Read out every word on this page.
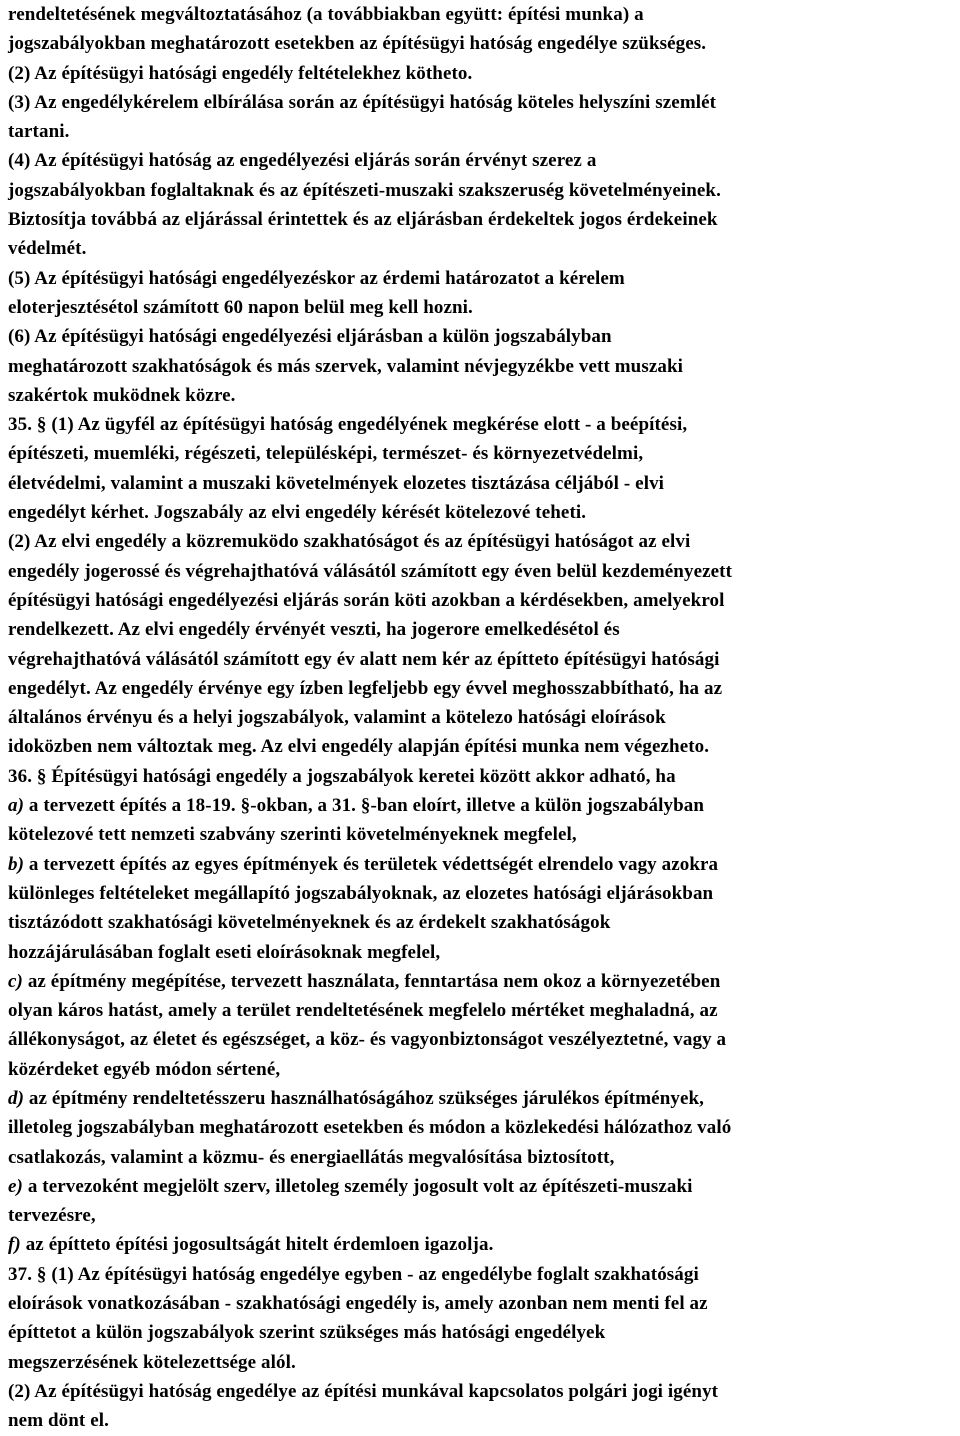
rendeltetésének megváltoztatásához (a továbbiakban együtt: építési munka) a
jogszabályokban meghatározott esetekben az építésügyi hatóság engedélye szükséges.
(2) Az építésügyi hatósági engedély feltételekhez kötheto.
(3) Az engedélykérelem elbírálása során az építésügyi hatóság köteles helyszíni szemlét
tartani.
(4) Az építésügyi hatóság az engedélyezési eljárás során érvényt szerez a
jogszabályokban foglaltaknak és az építészeti-muszaki szakszeruség követelményeinek.
Biztosítja továbbá az eljárással érintettek és az eljárásban érdekeltek jogos érdekeinek
védelmét.
(5) Az építésügyi hatósági engedélyezéskor az érdemi határozatot a kérelem
eloterjesztésétol számított 60 napon belül meg kell hozni.
(6) Az építésügyi hatósági engedélyezési eljárásban a külön jogszabályban
meghatározott szakhatóságok és más szervek, valamint névjegyzékbe vett muszaki
szakértok muködnek közre.
35. § (1) Az ügyfél az építésügyi hatóság engedélyének megkérése elott - a beépítési,
építészeti, muemléki, régészeti, településképi, természet- és környezetvédelmi,
életvédelmi, valamint a muszaki követelmények elozetes tisztázása céljából - elvi
engedélyt kérhet. Jogszabály az elvi engedély kérését kötelezové teheti.
(2) Az elvi engedély a közremuködo szakhatóságot és az építésügyi hatóságot az elvi
engedély jogerossé és végrehajthatóvá válásától számított egy éven belül kezdeményezett
építésügyi hatósági engedélyezési eljárás során köti azokban a kérdésekben, amelyekrol
rendelkezett. Az elvi engedély érvényét veszti, ha jogerore emelkedésétol és
végrehajthatóvá válásától számított egy év alatt nem kér az építteto építésügyi hatósági
engedélyt. Az engedély érvénye egy ízben legfeljebb egy évvel meghosszabbítható, ha az
általános érvényu és a helyi jogszabályok, valamint a kötelezo hatósági eloírások
idoközben nem változtak meg. Az elvi engedély alapján építési munka nem végezheto.
36. § Építésügyi hatósági engedély a jogszabályok keretei között akkor adható, ha
a) a tervezett építés a 18-19. §-okban, a 31. §-ban eloírt, illetve a külön jogszabályban
kötelezové tett nemzeti szabvány szerinti követelményeknek megfelel,
b) a tervezett építés az egyes építmények és területek védettségét elrendelo vagy azokra
különleges feltételeket megállapító jogszabályoknak, az elozetes hatósági eljárásokban
tisztázódott szakhatósági követelményeknek és az érdekelt szakhatóságok
hozzájárulásában foglalt eseti eloírásoknak megfelel,
c) az építmény megépítése, tervezett használata, fenntartása nem okoz a környezetében
olyan káros hatást, amely a terület rendeltetésének megfelelo mértéket meghaladná, az
állékonyságot, az életet és egészséget, a köz- és vagyonbiztonságot veszélyeztetné, vagy a
közérdeket egyéb módon sértené,
d) az építmény rendeltetésszeru használhatóságához szükséges járulékos építmények,
illetoleg jogszabályban meghatározott esetekben és módon a közlekedési hálózathoz való
csatlakozás, valamint a közmu- és energiaellátás megvalósítása biztosított,
e) a tervezoként megjelölt szerv, illetoleg személy jogosult volt az építészeti-muszaki
tervezésre,
f) az építteto építési jogosultságát hitelt érdemloen igazolja.
37. § (1) Az építésügyi hatóság engedélye egyben - az engedélybe foglalt szakhatósági
eloírások vonatkozásában - szakhatósági engedély is, amely azonban nem menti fel az
építtetot a külön jogszabályok szerint szükséges más hatósági engedélyek
megszerzésének kötelezettsége alól.
(2) Az építésügyi hatóság engedélye az építési munkával kapcsolatos polgári jogi igényt
nem dönt el.
